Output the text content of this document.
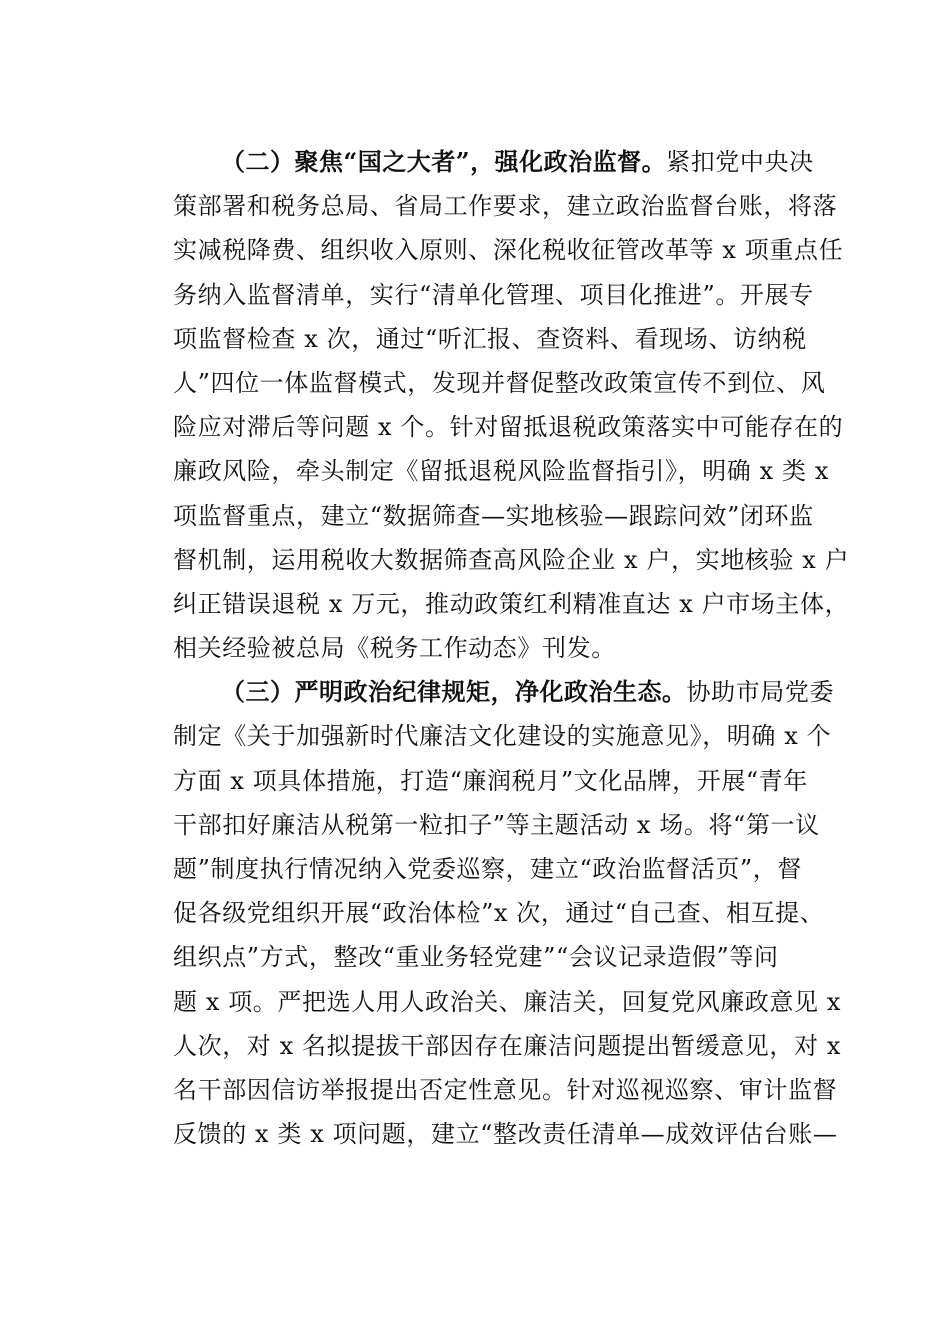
（二）聚焦“国之大者”，强化政治监督。紧扣党中央决
策部署和税务总局、省局工作要求，建立政治监督台账，将落
实减税降费、组织收入原则、深化税收征管改革等 x 项重点任
务纳入监督清单，实行“清单化管理、项目化推进”。开展专
项监督检查 x 次，通过“听汇报、查资料、看现场、访纳税
人”四位一体监督模式，发现并督促整改政策宣传不到位、风
险应对滞后等问题 x 个。针对留抵退税政策落实中可能存在的
廉政风险，牵头制定《留抵退税风险监督指引》，明确 x 类 x
项监督重点，建立“数据筛查—实地核验—跟踪问效”闭环监
督机制，运用税收大数据筛查高风险企业 x 户，实地核验 x 户
纠正错误退税 x 万元，推动政策红利精准直达 x 户市场主体，
相关经验被总局《税务工作动态》刊发。
（三）严明政治纪律规矩，净化政治生态。协助市局党委
制定《关于加强新时代廉洁文化建设的实施意见》，明确 x 个
方面 x 项具体措施，打造“廉润税月”文化品牌，开展“青年
干部扣好廉洁从税第一粒扣子”等主题活动 x 场。将“第一议
题”制度执行情况纳入党委巡察，建立“政治监督活页”，督
促各级党组织开展“政治体检”x 次，通过“自己查、相互提、
组织点”方式，整改“重业务轻党建”“会议记录造假”等问
题 x 项。严把选人用人政治关、廉洁关，回复党风廉政意见 x
人次，对 x 名拟提拔干部因存在廉洁问题提出暂缓意见，对 x
名干部因信访举报提出否定性意见。针对巡视巡察、审计监督
反馈的 x 类 x 项问题，建立“整改责任清单—成效评估台账—
